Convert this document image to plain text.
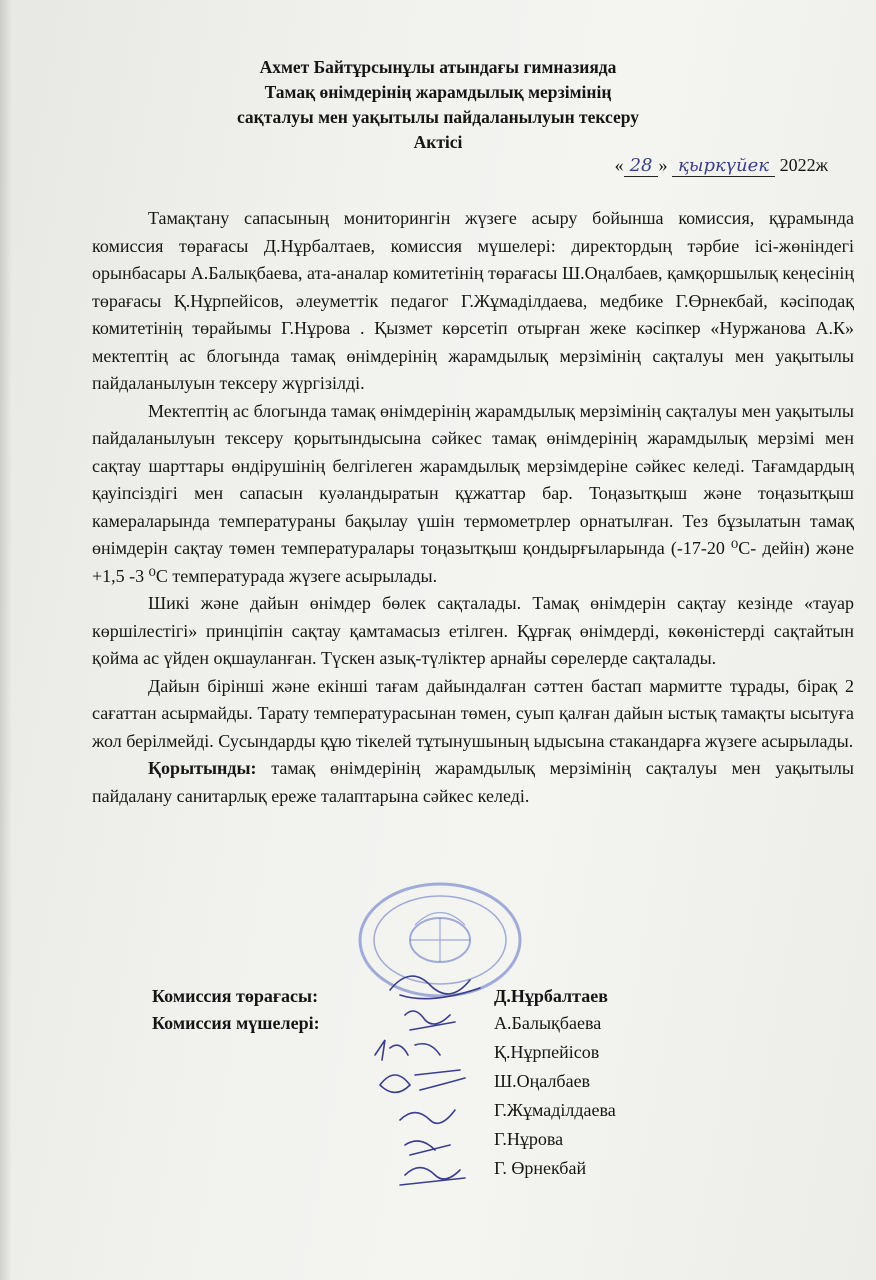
Ахмет Байтұрсынұлы атындағы гимназияда
Тамақ өнімдерінің жарамдылық мерзімінің
сақталуы мен уақытылы пайдаланылуын тексеру
Актісі
« 28 » қыркүйек 2022ж

Тамақтану сапасының мониторингін жүзеге асыру бойынша комиссия, құрамында комиссия төрағасы Д.Нұрбалтаев, комиссия мүшелері: директордың тәрбие ісі-жөніндегі орынбасары А.Балықбаева, ата-аналар комитетінің төрағасы Ш.Оңалбаев, қамқоршылық кеңесінің төрағасы Қ.Нұрпейісов, әлеуметтік педагог Г.Жұмаділдаева, медбике Г.Өрнекбай, кәсіподақ комитетінің төрайымы Г.Нұрова . Қызмет көрсетіп отырған жеке кәсіпкер «Нуржанова А.К» мектептің ас блогында тамақ өнімдерінің жарамдылық мерзімінің сақталуы мен уақытылы пайдаланылуын тексеру жүргізілді.

Мектептің ас блогында тамақ өнімдерінің жарамдылық мерзімінің сақталуы мен уақытылы пайдаланылуын тексеру қорытындысына сәйкес тамақ өнімдерінің жарамдылық мерзімі мен сақтау шарттары өндірушінің белгілеген жарамдылық мерзімдеріне сәйкес келеді. Тағамдардың қауіпсіздігі мен сапасын куәландыратын құжаттар бар. Тоңазытқыш және тоңазытқыш камераларында температураны бақылау үшін термометрлер орнатылған. Тез бұзылатын тамақ өнімдерін сақтау төмен температуралары тоңазытқыш қондырғыларында (-17-20 ⁰С- дейін) және +1,5 -3 ⁰С температурада жүзеге асырылады.

Шикі және дайын өнімдер бөлек сақталады. Тамақ өнімдерін сақтау кезінде «тауар көршілестігі» принціпін сақтау қамтамасыз етілген. Құрғақ өнімдерді, көкөністерді сақтайтын қойма ас үйден оқшауланған. Түскен азық-түліктер арнайы сөрелерде сақталады.

Дайын бірінші және екінші тағам дайындалған сәттен бастап мармитте тұрады, бірақ 2 сағаттан асырмайды. Тарату температурасынан төмен, суып қалған дайын ыстық тамақты ысытуға жол берілмейді. Сусындарды құю тікелей тұтынушының ыдысына стакандарға жүзеге асырылады.

Қорытынды: тамақ өнімдерінің жарамдылық мерзімінің сақталуы мен уақытылы пайдалану санитарлық ереже талаптарына сәйкес келеді.

Комиссия төрағасы:
Комиссия мүшелері:
Д.Нұрбалтаев
А.Балықбаева
Қ.Нұрпейісов
Ш.Оңалбаев
Г.Жұмаділдаева
Г.Нұрова
Г. Өрнекбай
